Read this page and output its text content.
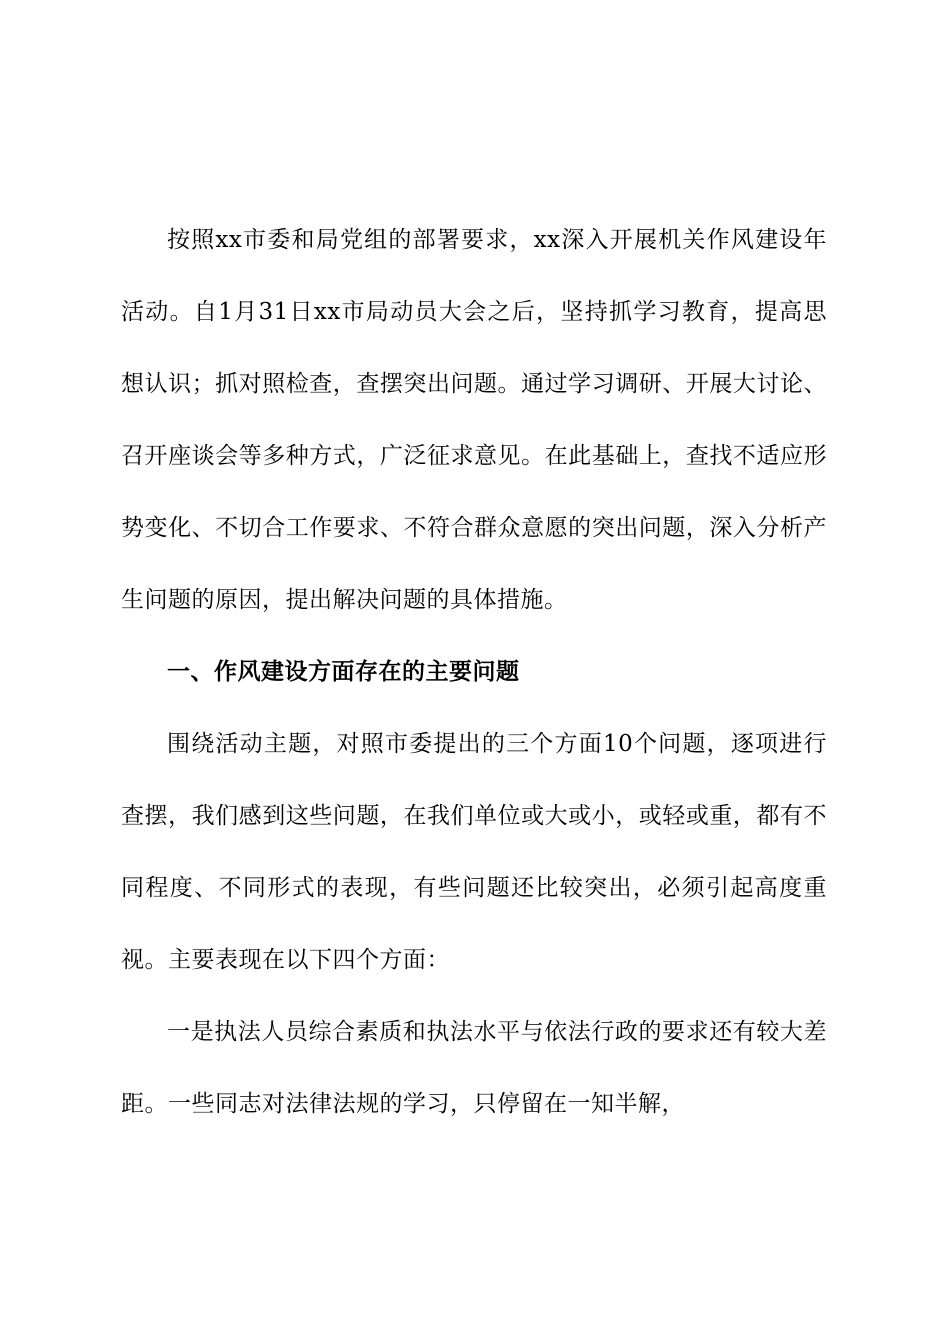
按照xx市委和局党组的部署要求，xx深入开展机关作风建设年活动。自1月31日xx市局动员大会之后，坚持抓学习教育，提高思想认识；抓对照检查，查摆突出问题。通过学习调研、开展大讨论、召开座谈会等多种方式，广泛征求意见。在此基础上，查找不适应形势变化、不切合工作要求、不符合群众意愿的突出问题，深入分析产生问题的原因，提出解决问题的具体措施。

一、作风建设方面存在的主要问题

围绕活动主题，对照市委提出的三个方面10个问题，逐项进行查摆，我们感到这些问题，在我们单位或大或小，或轻或重，都有不同程度、不同形式的表现，有些问题还比较突出，必须引起高度重视。主要表现在以下四个方面：

一是执法人员综合素质和执法水平与依法行政的要求还有较大差距。一些同志对法律法规的学习，只停留在一知半解，
